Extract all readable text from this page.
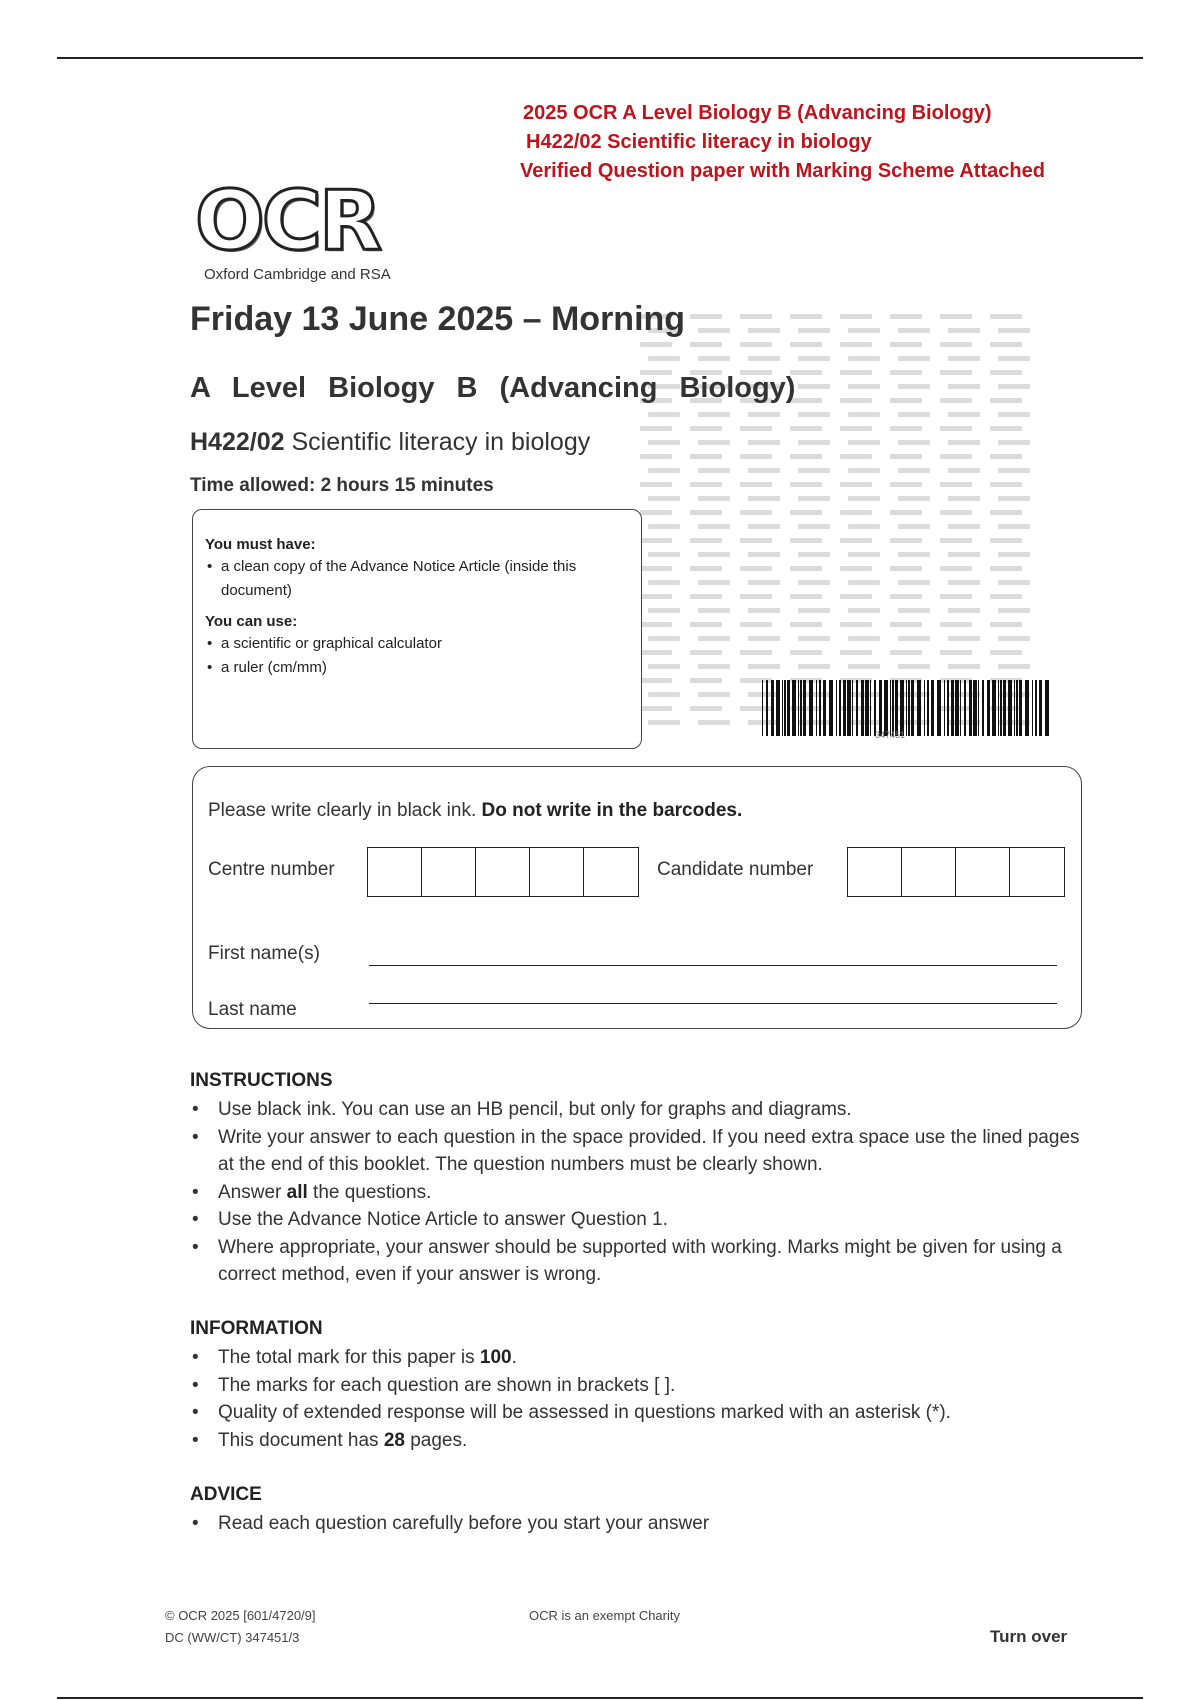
2025 OCR A Level Biology B (Advancing Biology)
H422/02 Scientific literacy in biology
Verified Question paper with Marking Scheme Attached
OCR
Oxford Cambridge and RSA
Friday 13 June 2025 – Morning
A Level Biology B (Advancing Biology)
H422/02 Scientific literacy in biology
Time allowed: 2 hours 15 minutes
You must have:
• a clean copy of the Advance Notice Article (inside this document)
You can use:
• a scientific or graphical calculator
• a ruler (cm/mm)
347451
Please write clearly in black ink. Do not write in the barcodes.
Centre number	Candidate number
First name(s)
Last name
INSTRUCTIONS
• Use black ink. You can use an HB pencil, but only for graphs and diagrams.
• Write your answer to each question in the space provided. If you need extra space use the lined pages at the end of this booklet. The question numbers must be clearly shown.
• Answer all the questions.
• Use the Advance Notice Article to answer Question 1.
• Where appropriate, your answer should be supported with working. Marks might be given for using a correct method, even if your answer is wrong.
INFORMATION
• The total mark for this paper is 100.
• The marks for each question are shown in brackets [ ].
• Quality of extended response will be assessed in questions marked with an asterisk (*).
• This document has 28 pages.
ADVICE
• Read each question carefully before you start your answer
© OCR 2025 [601/4720/9]
DC (WW/CT) 347451/3
OCR is an exempt Charity
Turn over
